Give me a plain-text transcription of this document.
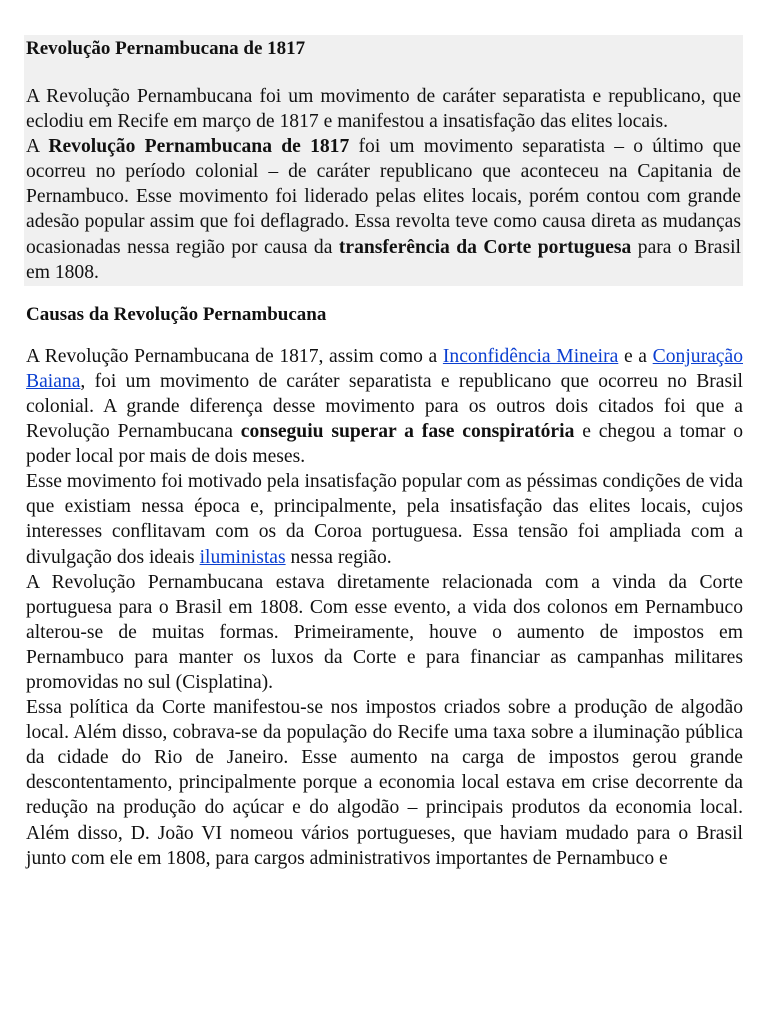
Revolução Pernambucana de 1817

A Revolução Pernambucana foi um movimento de caráter separatista e republicano, que eclodiu em Recife em março de 1817 e manifestou a insatisfação das elites locais.

A Revolução Pernambucana de 1817 foi um movimento separatista – o último que ocorreu no período colonial – de caráter republicano que aconteceu na Capitania de Pernambuco. Esse movimento foi liderado pelas elites locais, porém contou com grande adesão popular assim que foi deflagrado. Essa revolta teve como causa direta as mudanças ocasionadas nessa região por causa da transferência da Corte portuguesa para o Brasil em 1808.

Causas da Revolução Pernambucana

A Revolução Pernambucana de 1817, assim como a Inconfidência Mineira e a Conjuração Baiana, foi um movimento de caráter separatista e republicano que ocorreu no Brasil colonial. A grande diferença desse movimento para os outros dois citados foi que a Revolução Pernambucana conseguiu superar a fase conspiratória e chegou a tomar o poder local por mais de dois meses.

Esse movimento foi motivado pela insatisfação popular com as péssimas condições de vida que existiam nessa época e, principalmente, pela insatisfação das elites locais, cujos interesses conflitavam com os da Coroa portuguesa. Essa tensão foi ampliada com a divulgação dos ideais iluministas nessa região.

A Revolução Pernambucana estava diretamente relacionada com a vinda da Corte portuguesa para o Brasil em 1808. Com esse evento, a vida dos colonos em Pernambuco alterou-se de muitas formas. Primeiramente, houve o aumento de impostos em Pernambuco para manter os luxos da Corte e para financiar as campanhas militares promovidas no sul (Cisplatina).

Essa política da Corte manifestou-se nos impostos criados sobre a produção de algodão local. Além disso, cobrava-se da população do Recife uma taxa sobre a iluminação pública da cidade do Rio de Janeiro. Esse aumento na carga de impostos gerou grande descontentamento, principalmente porque a economia local estava em crise decorrente da redução na produção do açúcar e do algodão – principais produtos da economia local. Além disso, D. João VI nomeou vários portugueses, que haviam mudado para o Brasil junto com ele em 1808, para cargos administrativos importantes de Pernambuco e
